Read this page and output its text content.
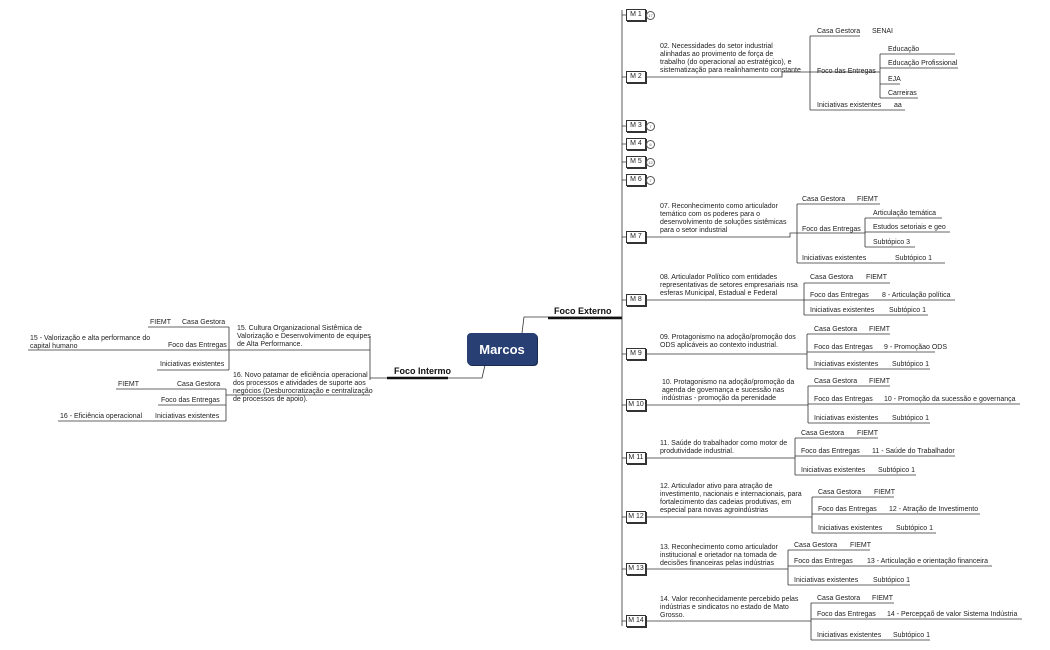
Marcos
Foco Externo
Foco Intermo
M 1	17
M 2
02. Necessidades do setor industrial
alinhadas ao provimento de força de
trabalho (do operacional ao estratégico), e
sistematização para realinhamento constante
Casa Gestora SENAI
Foco das Entregas
Educação
Educação Profissional
EJA
Carreiras
Iniciativas existentes aa
M 3	7
M 4	6
M 5	12
M 6	7
M 7
07. Reconhecimento como articulador
temático com os poderes para o
desenvolvimento de soluções sistêmicas
para o setor industrial
Casa Gestora FIEMT
Foco das Entregas
Articulação temática
Estudos setoriais e geo
Subtópico 3
Iniciativas existentes	Subtópico 1
M 8
08. Articulador Político com entidades
representativas de setores empresariais nsa
esferas Municipal, Estadual e Federal
Casa Gestora FIEMT
Foco das Entregas 8 - Articulação política
Iniciativas existentes Subtópico 1
M 9
09. Protagonismo na adoção/promoção dos
ODS aplicáveis ao contexto industrial.
Casa Gestora FIEMT
Foco das Entregas 9 - Promoçãao ODS
Iniciativas existentes Subtópico 1
M 10
10. Protagonismo na adoção/promoção da
agenda de governança e sucessão nas
indústrias - promoção da perenidade
Casa Gestora FIEMT
Foco das Entregas 10 - Promoção da sucessão e governança
Iniciativas existentes Subtópico 1
M 11
11. Saúde do trabalhador como motor de
produtividade industrial.
Casa Gestora FIEMT
Foco das Entregas 11 - Saúde do Trabalhador
Iniciativas existentes Subtópico 1
M 12
12. Articulador ativo para atração de
investimento, nacionais e internacionais, para
fortalecimento das cadeias produtivas, em
especial para novas agroindústrias
Casa Gestora FIEMT
Foco das Entregas 12 - Atração de Investimento
Iniciativas existentes Subtópico 1
M 13
13. Reconhecimento como articulador
institucional e orietador na tomada de
decisões financeiras pelas indústrias
Casa Gestora FIEMT
Foco das Entregas 13 - Articulação e orientação financeira
Iniciativas existentes Subtópico 1
M 14
14. Valor reconhecidamente percebido pelas
indústrias e sindicatos no estado de Mato
Grosso.
Casa Gestora FIEMT
Foco das Entregas 14 - Percepçaõ de valor Sistema Indústria
Iniciativas existentes Subtópico 1
15. Cultura Organizacional Sistêmica de
Valorização e Desenvolvimento de equipes
de Alta Performance.
Casa Gestora
FIEMT
Foco das Entregas
15 - Valorização e alta performance do
capital humano
Iniciativas existentes
16. Novo patamar de eficiência operacional
dos processos e atividades de suporte aos
negócios (Desburocratização e centralização
de processos de apoio).
Casa Gestora
FIEMT
Foco das Entregas
Iniciativas existentes
16 - Eficiência operacional
